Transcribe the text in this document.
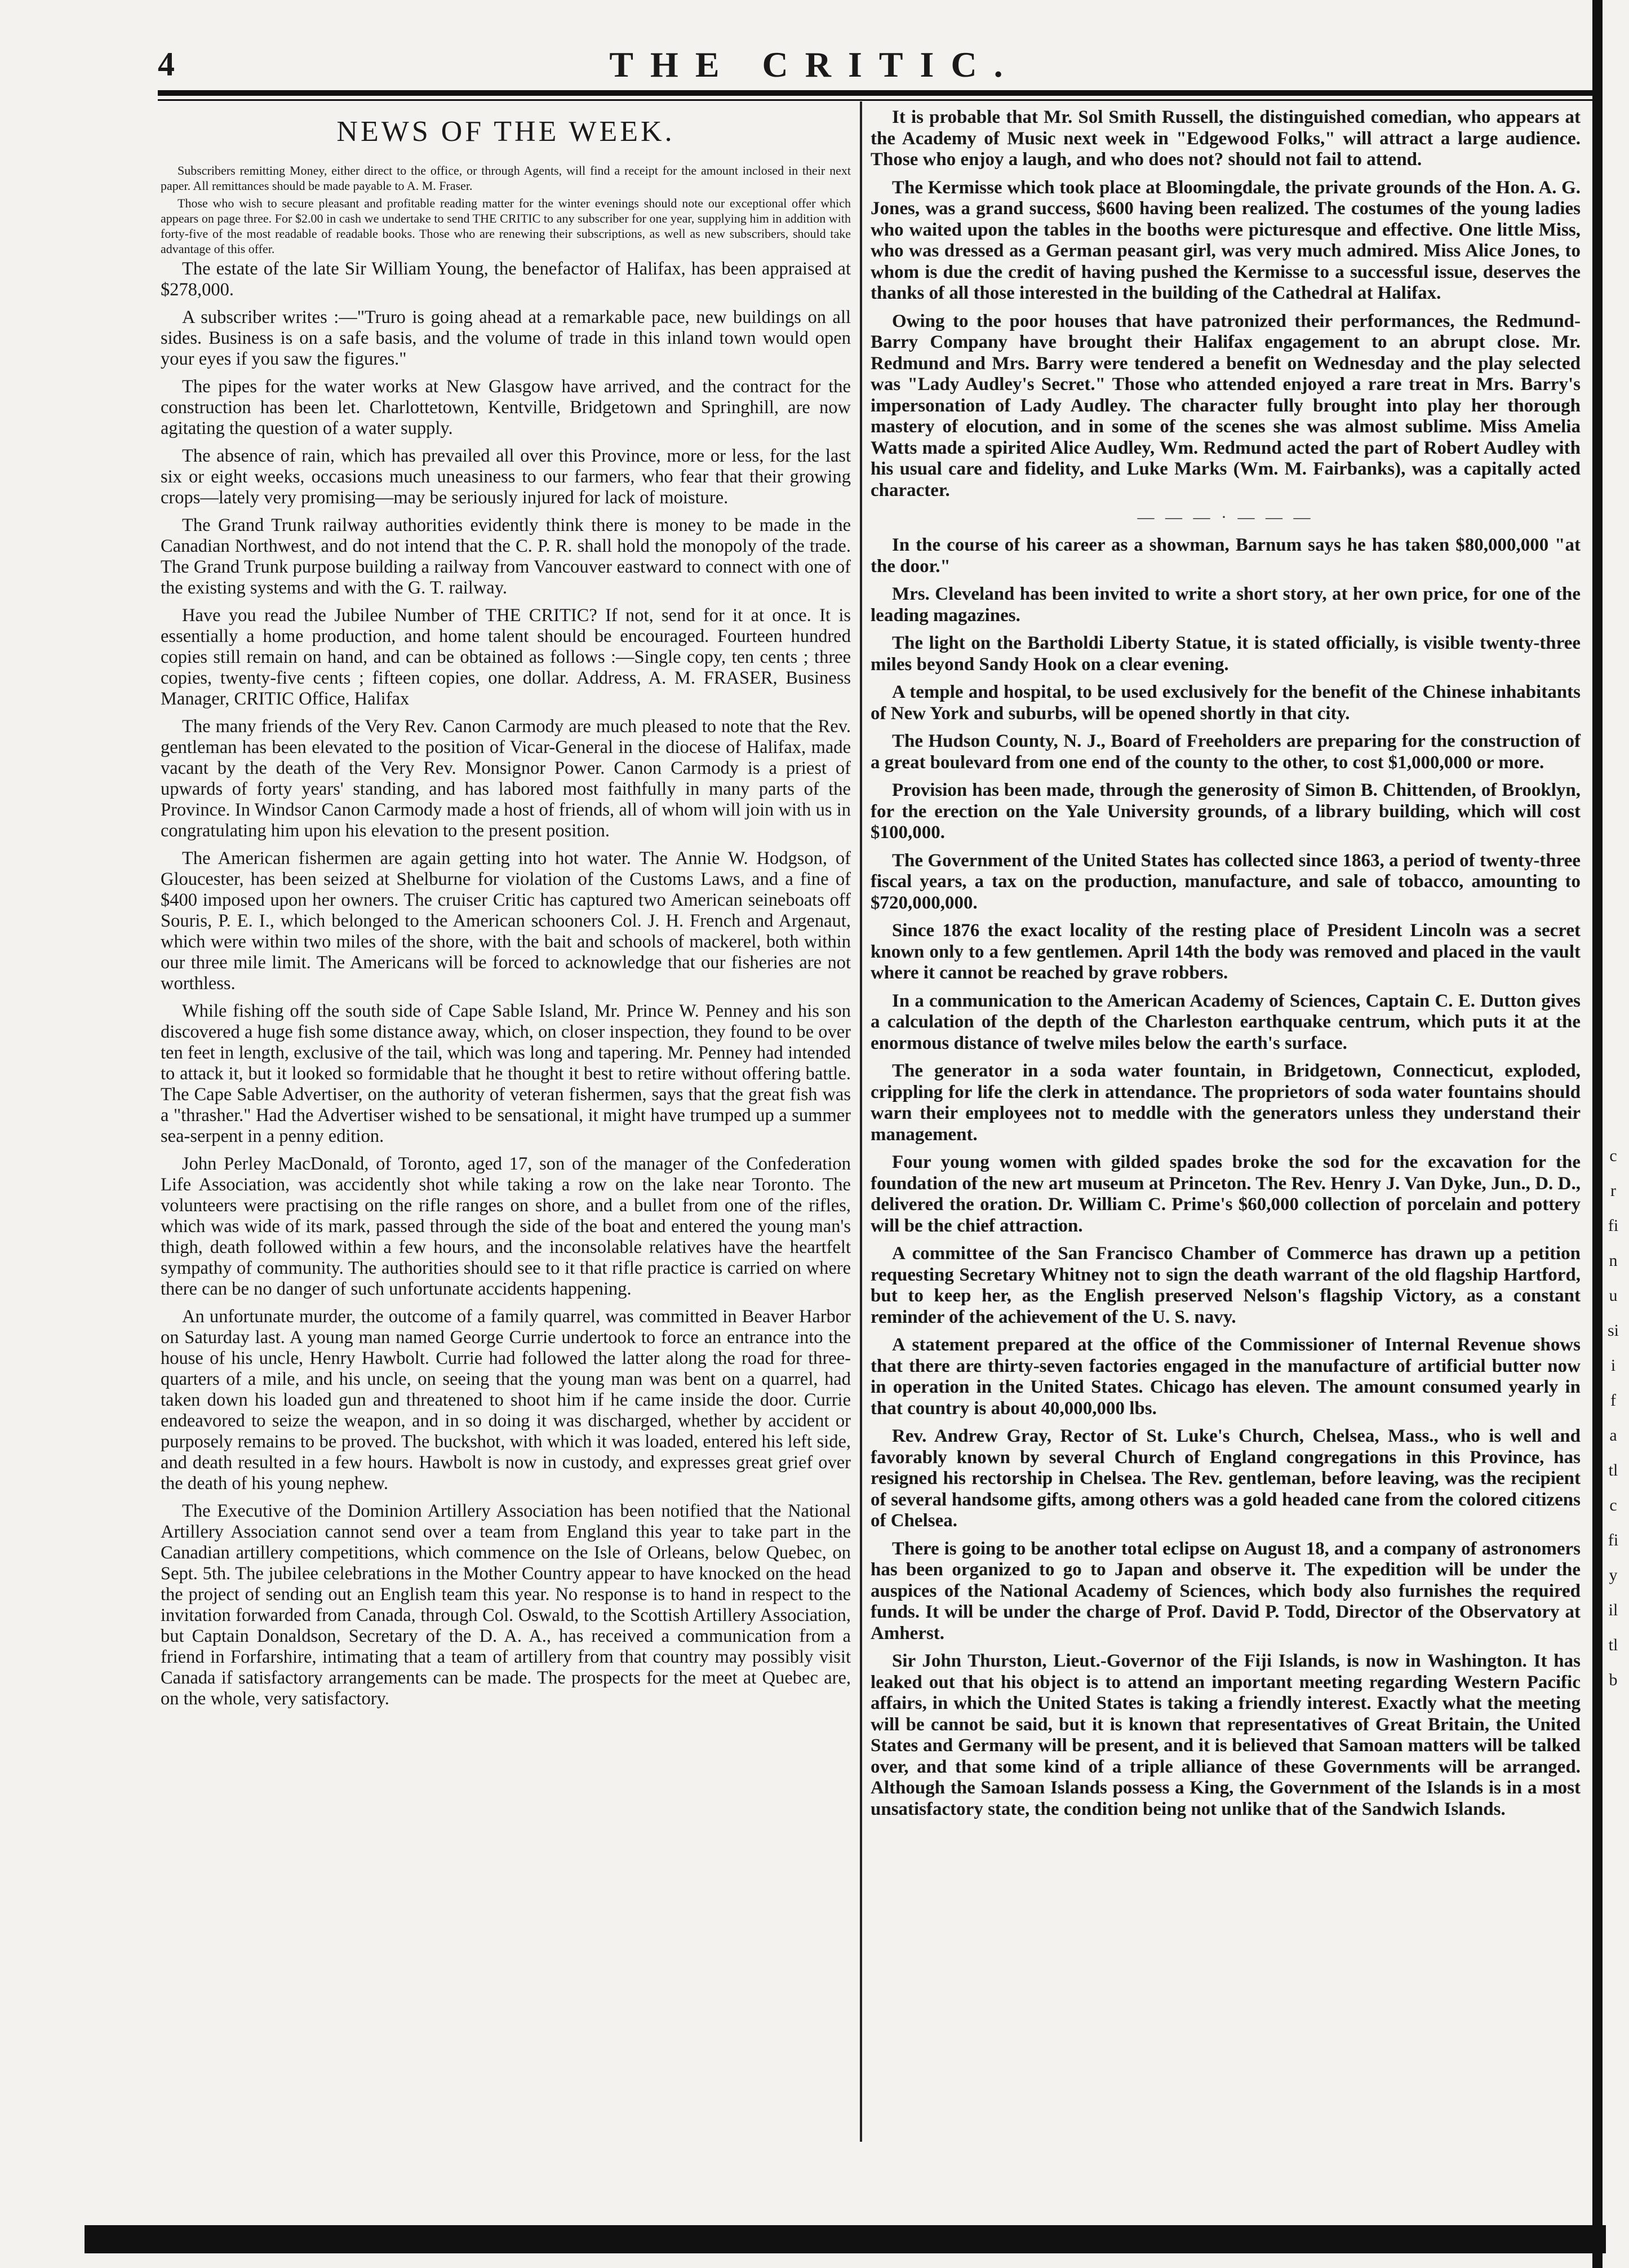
4	THE CRITIC.
NEWS OF THE WEEK.

Subscribers remitting Money, either direct to the office, or through Agents, will find a receipt for the amount inclosed in their next paper. All remittances should be made payable to A. M. Fraser.

Those who wish to secure pleasant and profitable reading matter for the winter evenings should note our exceptional offer which appears on page three. For $2.00 in cash we undertake to send THE CRITIC to any subscriber for one year, supplying him in addition with forty-five of the most readable of readable books. Those who are renewing their subscriptions, as well as new subscribers, should take advantage of this offer.

The estate of the late Sir William Young, the benefactor of Halifax, has been appraised at $278,000.

A subscriber writes :—"Truro is going ahead at a remarkable pace, new buildings on all sides. Business is on a safe basis, and the volume of trade in this inland town would open your eyes if you saw the figures."

The pipes for the water works at New Glasgow have arrived, and the contract for the construction has been let. Charlottetown, Kentville, Bridgetown and Springhill, are now agitating the question of a water supply.

The absence of rain, which has prevailed all over this Province, more or less, for the last six or eight weeks, occasions much uneasiness to our farmers, who fear that their growing crops—lately very promising—may be seriously injured for lack of moisture.

The Grand Trunk railway authorities evidently think there is money to be made in the Canadian Northwest, and do not intend that the C. P. R. shall hold the monopoly of the trade. The Grand Trunk purpose building a railway from Vancouver eastward to connect with one of the existing systems and with the G. T. railway.

Have you read the Jubilee Number of THE CRITIC? If not, send for it at once. It is essentially a home production, and home talent should be encouraged. Fourteen hundred copies still remain on hand, and can be obtained as follows :—Single copy, ten cents ; three copies, twenty-five cents ; fifteen copies, one dollar. Address, A. M. FRASER, Business Manager, CRITIC Office, Halifax

The many friends of the Very Rev. Canon Carmody are much pleased to note that the Rev. gentleman has been elevated to the position of Vicar-General in the diocese of Halifax, made vacant by the death of the Very Rev. Monsignor Power. Canon Carmody is a priest of upwards of forty years' standing, and has labored most faithfully in many parts of the Province. In Windsor Canon Carmody made a host of friends, all of whom will join with us in congratulating him upon his elevation to the present position.

The American fishermen are again getting into hot water. The Annie W. Hodgson, of Gloucester, has been seized at Shelburne for violation of the Customs Laws, and a fine of $400 imposed upon her owners. The cruiser Critic has captured two American seineboats off Souris, P. E. I., which belonged to the American schooners Col. J. H. French and Argenaut, which were within two miles of the shore, with the bait and schools of mackerel, both within our three mile limit. The Americans will be forced to acknowledge that our fisheries are not worthless.

While fishing off the south side of Cape Sable Island, Mr. Prince W. Penney and his son discovered a huge fish some distance away, which, on closer inspection, they found to be over ten feet in length, exclusive of the tail, which was long and tapering. Mr. Penney had intended to attack it, but it looked so formidable that he thought it best to retire without offering battle. The Cape Sable Advertiser, on the authority of veteran fishermen, says that the great fish was a "thrasher." Had the Advertiser wished to be sensational, it might have trumped up a summer sea-serpent in a penny edition.

John Perley MacDonald, of Toronto, aged 17, son of the manager of the Confederation Life Association, was accidently shot while taking a row on the lake near Toronto. The volunteers were practising on the rifle ranges on shore, and a bullet from one of the rifles, which was wide of its mark, passed through the side of the boat and entered the young man's thigh, death followed within a few hours, and the inconsolable relatives have the heartfelt sympathy of community. The authorities should see to it that rifle practice is carried on where there can be no danger of such unfortunate accidents happening.

An unfortunate murder, the outcome of a family quarrel, was committed in Beaver Harbor on Saturday last. A young man named George Currie undertook to force an entrance into the house of his uncle, Henry Hawbolt. Currie had followed the latter along the road for three-quarters of a mile, and his uncle, on seeing that the young man was bent on a quarrel, had taken down his loaded gun and threatened to shoot him if he came inside the door. Currie endeavored to seize the weapon, and in so doing it was discharged, whether by accident or purposely remains to be proved. The buckshot, with which it was loaded, entered his left side, and death resulted in a few hours. Hawbolt is now in custody, and expresses great grief over the death of his young nephew.

The Executive of the Dominion Artillery Association has been notified that the National Artillery Association cannot send over a team from England this year to take part in the Canadian artillery competitions, which commence on the Isle of Orleans, below Quebec, on Sept. 5th. The jubilee celebrations in the Mother Country appear to have knocked on the head the project of sending out an English team this year. No response is to hand in respect to the invitation forwarded from Canada, through Col. Oswald, to the Scottish Artillery Association, but Captain Donaldson, Secretary of the D. A. A., has received a communication from a friend in Forfarshire, intimating that a team of artillery from that country may possibly visit Canada if satisfactory arrangements can be made. The prospects for the meet at Quebec are, on the whole, very satisfactory.

It is probable that Mr. Sol Smith Russell, the distinguished comedian, who appears at the Academy of Music next week in "Edgewood Folks," will attract a large audience. Those who enjoy a laugh, and who does not? should not fail to attend.

The Kermisse which took place at Bloomingdale, the private grounds of the Hon. A. G. Jones, was a grand success, $600 having been realized. The costumes of the young ladies who waited upon the tables in the booths were picturesque and effective. One little Miss, who was dressed as a German peasant girl, was very much admired. Miss Alice Jones, to whom is due the credit of having pushed the Kermisse to a successful issue, deserves the thanks of all those interested in the building of the Cathedral at Halifax.

Owing to the poor houses that have patronized their performances, the Redmund-Barry Company have brought their Halifax engagement to an abrupt close. Mr. Redmund and Mrs. Barry were tendered a benefit on Wednesday and the play selected was "Lady Audley's Secret." Those who attended enjoyed a rare treat in Mrs. Barry's impersonation of Lady Audley. The character fully brought into play her thorough mastery of elocution, and in some of the scenes she was almost sublime. Miss Amelia Watts made a spirited Alice Audley, Wm. Redmund acted the part of Robert Audley with his usual care and fidelity, and Luke Marks (Wm. M. Fairbanks), was a capitally acted character.

— — — · — — —

In the course of his career as a showman, Barnum says he has taken $80,000,000 "at the door."

Mrs. Cleveland has been invited to write a short story, at her own price, for one of the leading magazines.

The light on the Bartholdi Liberty Statue, it is stated officially, is visible twenty-three miles beyond Sandy Hook on a clear evening.

A temple and hospital, to be used exclusively for the benefit of the Chinese inhabitants of New York and suburbs, will be opened shortly in that city.

The Hudson County, N. J., Board of Freeholders are preparing for the construction of a great boulevard from one end of the county to the other, to cost $1,000,000 or more.

Provision has been made, through the generosity of Simon B. Chittenden, of Brooklyn, for the erection on the Yale University grounds, of a library building, which will cost $100,000.

The Government of the United States has collected since 1863, a period of twenty-three fiscal years, a tax on the production, manufacture, and sale of tobacco, amounting to $720,000,000.

Since 1876 the exact locality of the resting place of President Lincoln was a secret known only to a few gentlemen. April 14th the body was removed and placed in the vault where it cannot be reached by grave robbers.

In a communication to the American Academy of Sciences, Captain C. E. Dutton gives a calculation of the depth of the Charleston earthquake centrum, which puts it at the enormous distance of twelve miles below the earth's surface.

The generator in a soda water fountain, in Bridgetown, Connecticut, exploded, crippling for life the clerk in attendance. The proprietors of soda water fountains should warn their employees not to meddle with the generators unless they understand their management.

Four young women with gilded spades broke the sod for the excavation for the foundation of the new art museum at Princeton. The Rev. Henry J. Van Dyke, Jun., D. D., delivered the oration. Dr. William C. Prime's $60,000 collection of porcelain and pottery will be the chief attraction.

A committee of the San Francisco Chamber of Commerce has drawn up a petition requesting Secretary Whitney not to sign the death warrant of the old flagship Hartford, but to keep her, as the English preserved Nelson's flagship Victory, as a constant reminder of the achievement of the U. S. navy.

A statement prepared at the office of the Commissioner of Internal Revenue shows that there are thirty-seven factories engaged in the manufacture of artificial butter now in operation in the United States. Chicago has eleven. The amount consumed yearly in that country is about 40,000,000 lbs.

Rev. Andrew Gray, Rector of St. Luke's Church, Chelsea, Mass., who is well and favorably known by several Church of England congregations in this Province, has resigned his rectorship in Chelsea. The Rev. gentleman, before leaving, was the recipient of several handsome gifts, among others was a gold headed cane from the colored citizens of Chelsea.

There is going to be another total eclipse on August 18, and a company of astronomers has been organized to go to Japan and observe it. The expedition will be under the auspices of the National Academy of Sciences, which body also furnishes the required funds. It will be under the charge of Prof. David P. Todd, Director of the Observatory at Amherst.

Sir John Thurston, Lieut.-Governor of the Fiji Islands, is now in Washington. It has leaked out that his object is to attend an important meeting regarding Western Pacific affairs, in which the United States is taking a friendly interest. Exactly what the meeting will be cannot be said, but it is known that representatives of Great Britain, the United States and Germany will be present, and it is believed that Samoan matters will be talked over, and that some kind of a triple alliance of these Governments will be arranged. Although the Samoan Islands possess a King, the Government of the Islands is in a most unsatisfactory state, the condition being not unlike that of the Sandwich Islands.

c
r
fi
n
u
si
i
f
a
tl
c
fi
y
il
tl
b
